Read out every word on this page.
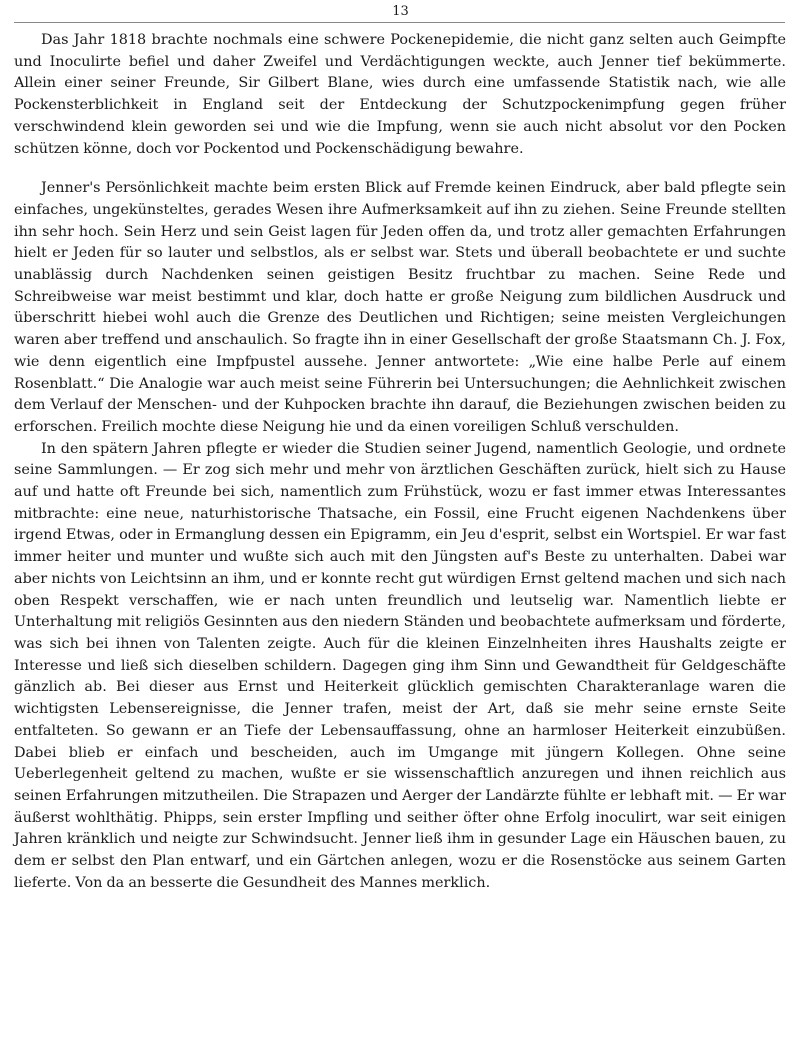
13

Das Jahr 1818 brachte nochmals eine schwere Pockenepidemie, die nicht ganz selten auch Geimpfte und Inoculirte befiel und daher Zweifel und Verdächtigungen weckte, auch Jenner tief bekümmerte. Allein einer seiner Freunde, Sir Gilbert Blane, wies durch eine umfassende Statistik nach, wie alle Pockensterblichkeit in England seit der Entdeckung der Schutzpockenimpfung gegen früher verschwindend klein geworden sei und wie die Impfung, wenn sie auch nicht absolut vor den Pocken schützen könne, doch vor Pockentod und Pockenschädigung bewahre.

Jenner's Persönlichkeit machte beim ersten Blick auf Fremde keinen Eindruck, aber bald pflegte sein einfaches, ungekünsteltes, gerades Wesen ihre Aufmerksamkeit auf ihn zu ziehen. Seine Freunde stellten ihn sehr hoch. Sein Herz und sein Geist lagen für Jeden offen da, und trotz aller gemachten Erfahrungen hielt er Jeden für so lauter und selbstlos, als er selbst war. Stets und überall beobachtete er und suchte unablässig durch Nachdenken seinen geistigen Besitz fruchtbar zu machen. Seine Rede und Schreibweise war meist bestimmt und klar, doch hatte er große Neigung zum bildlichen Ausdruck und überschritt hiebei wohl auch die Grenze des Deutlichen und Richtigen; seine meisten Vergleichungen waren aber treffend und anschaulich. So fragte ihn in einer Gesellschaft der große Staatsmann Ch. J. Fox, wie denn eigentlich eine Impfpustel aussehe. Jenner antwortete: „Wie eine halbe Perle auf einem Rosenblatt.“ Die Analogie war auch meist seine Führerin bei Untersuchungen; die Aehnlichkeit zwischen dem Verlauf der Menschen- und der Kuhpocken brachte ihn darauf, die Beziehungen zwischen beiden zu erforschen. Freilich mochte diese Neigung hie und da einen voreiligen Schluß verschulden.

In den spätern Jahren pflegte er wieder die Studien seiner Jugend, namentlich Geologie, und ordnete seine Sammlungen. — Er zog sich mehr und mehr von ärztlichen Geschäften zurück, hielt sich zu Hause auf und hatte oft Freunde bei sich, namentlich zum Frühstück, wozu er fast immer etwas Interessantes mitbrachte: eine neue, naturhistorische Thatsache, ein Fossil, eine Frucht eigenen Nachdenkens über irgend Etwas, oder in Ermanglung dessen ein Epigramm, ein Jeu d'esprit, selbst ein Wortspiel. Er war fast immer heiter und munter und wußte sich auch mit den Jüngsten auf's Beste zu unterhalten. Dabei war aber nichts von Leichtsinn an ihm, und er konnte recht gut würdigen Ernst geltend machen und sich nach oben Respekt verschaffen, wie er nach unten freundlich und leutselig war. Namentlich liebte er Unterhaltung mit religiös Gesinnten aus den niedern Ständen und beobachtete aufmerksam und förderte, was sich bei ihnen von Talenten zeigte. Auch für die kleinen Einzelnheiten ihres Haushalts zeigte er Interesse und ließ sich dieselben schildern. Dagegen ging ihm Sinn und Gewandtheit für Geldgeschäfte gänzlich ab. Bei dieser aus Ernst und Heiterkeit glücklich gemischten Charakteranlage waren die wichtigsten Lebensereignisse, die Jenner trafen, meist der Art, daß sie mehr seine ernste Seite entfalteten. So gewann er an Tiefe der Lebensauffassung, ohne an harmloser Heiterkeit einzubüßen. Dabei blieb er einfach und bescheiden, auch im Umgange mit jüngern Kollegen. Ohne seine Ueberlegenheit geltend zu machen, wußte er sie wissenschaftlich anzuregen und ihnen reichlich aus seinen Erfahrungen mitzutheilen. Die Strapazen und Aerger der Landärzte fühlte er lebhaft mit. — Er war äußerst wohlthätig. Phipps, sein erster Impfling und seither öfter ohne Erfolg inoculirt, war seit einigen Jahren kränklich und neigte zur Schwindsucht. Jenner ließ ihm in gesunder Lage ein Häuschen bauen, zu dem er selbst den Plan entwarf, und ein Gärtchen anlegen, wozu er die Rosenstöcke aus seinem Garten lieferte. Von da an besserte die Gesundheit des Mannes merklich.
